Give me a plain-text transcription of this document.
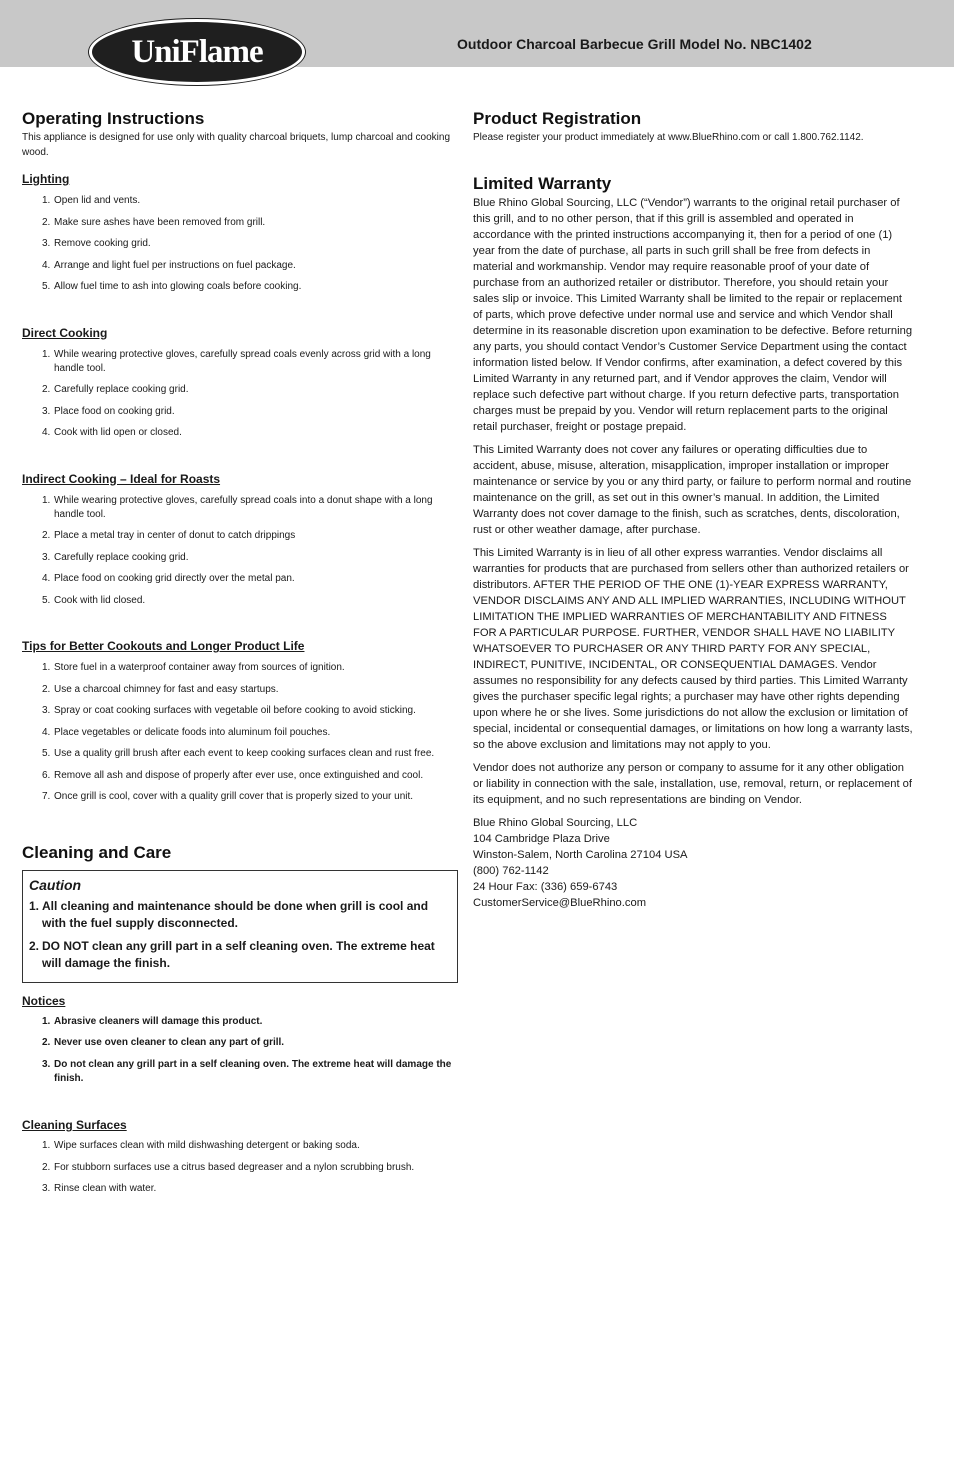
UniFlame	Outdoor Charcoal Barbecue Grill Model No. NBC1402
Operating Instructions

This appliance is designed for use only with quality charcoal briquets, lump charcoal and cooking wood.

Lighting
1. Open lid and vents.
2. Make sure ashes have been removed from grill.
3. Remove cooking grid.
4. Arrange and light fuel per instructions on fuel package.
5. Allow fuel time to ash into glowing coals before cooking.
Direct Cooking
1. While wearing protective gloves, carefully spread coals evenly across grid with a long handle tool.
2. Carefully replace cooking grid.
3. Place food on cooking grid.
4. Cook with lid open or closed.
Indirect Cooking – Ideal for Roasts
1. While wearing protective gloves, carefully spread coals into a donut shape with a long handle tool.
2. Place a metal tray in center of donut to catch drippings
3. Carefully replace cooking grid.
4. Place food on cooking grid directly over the metal pan.
5. Cook with lid closed.
Tips for Better Cookouts and Longer Product Life
1. Store fuel in a waterproof container away from sources of ignition.
2. Use a charcoal chimney for fast and easy startups.
3. Spray or coat cooking surfaces with vegetable oil before cooking to avoid sticking.
4. Place vegetables or delicate foods into aluminum foil pouches.
5. Use a quality grill brush after each event to keep cooking surfaces clean and rust free.
6. Remove all ash and dispose of properly after ever use, once extinguished and cool.
7. Once grill is cool, cover with a quality grill cover that is properly sized to your unit.
Cleaning and Care
Caution
1. All cleaning and maintenance should be done when grill is cool and with the fuel supply disconnected.
2. DO NOT clean any grill part in a self cleaning oven. The extreme heat will damage the finish.
Notices
1. Abrasive cleaners will damage this product.
2. Never use oven cleaner to clean any part of grill.
3. Do not clean any grill part in a self cleaning oven. The extreme heat will damage the finish.
Cleaning Surfaces
1. Wipe surfaces clean with mild dishwashing detergent or baking soda.
2. For stubborn surfaces use a citrus based degreaser and a nylon scrubbing brush.
3. Rinse clean with water.
Product Registration

Please register your product immediately at www.BlueRhino.com or call 1.800.762.1142.

Limited Warranty

Blue Rhino Global Sourcing, LLC (“Vendor”) warrants to the original retail purchaser of this grill, and to no other person, that if this grill is assembled and operated in accordance with the printed instructions accompanying it, then for a period of one (1) year from the date of purchase, all parts in such grill shall be free from defects in material and workmanship. Vendor may require reasonable proof of your date of purchase from an authorized retailer or distributor. Therefore, you should retain your sales slip or invoice. This Limited Warranty shall be limited to the repair or replacement of parts, which prove defective under normal use and service and which Vendor shall determine in its reasonable discretion upon examination to be defective. Before returning any parts, you should contact Vendor’s Customer Service Department using the contact information listed below. If Vendor confirms, after examination, a defect covered by this Limited Warranty in any returned part, and if Vendor approves the claim, Vendor will replace such defective part without charge. If you return defective parts, transportation charges must be prepaid by you. Vendor will return replacement parts to the original retail purchaser, freight or postage prepaid.

This Limited Warranty does not cover any failures or operating difficulties due to accident, abuse, misuse, alteration, misapplication, improper installation or improper maintenance or service by you or any third party, or failure to perform normal and routine maintenance on the grill, as set out in this owner’s manual. In addition, the Limited Warranty does not cover damage to the finish, such as scratches, dents, discoloration, rust or other weather damage, after purchase.

This Limited Warranty is in lieu of all other express warranties. Vendor disclaims all warranties for products that are purchased from sellers other than authorized retailers or distributors. AFTER THE PERIOD OF THE ONE (1)-YEAR EXPRESS WARRANTY, VENDOR DISCLAIMS ANY AND ALL IMPLIED WARRANTIES, INCLUDING WITHOUT LIMITATION THE IMPLIED WARRANTIES OF MERCHANTABILITY AND FITNESS FOR A PARTICULAR PURPOSE. FURTHER, VENDOR SHALL HAVE NO LIABILITY WHATSOEVER TO PURCHASER OR ANY THIRD PARTY FOR ANY SPECIAL, INDIRECT, PUNITIVE, INCIDENTAL, OR CONSEQUENTIAL DAMAGES. Vendor assumes no responsibility for any defects caused by third parties. This Limited Warranty gives the purchaser specific legal rights; a purchaser may have other rights depending upon where he or she lives. Some jurisdictions do not allow the exclusion or limitation of special, incidental or consequential damages, or limitations on how long a warranty lasts, so the above exclusion and limitations may not apply to you.

Vendor does not authorize any person or company to assume for it any other obligation or liability in connection with the sale, installation, use, removal, return, or replacement of its equipment, and no such representations are binding on Vendor.

Blue Rhino Global Sourcing, LLC
104 Cambridge Plaza Drive
Winston-Salem, North Carolina 27104 USA
(800) 762-1142
24 Hour Fax: (336) 659-6743
CustomerService@BlueRhino.com
